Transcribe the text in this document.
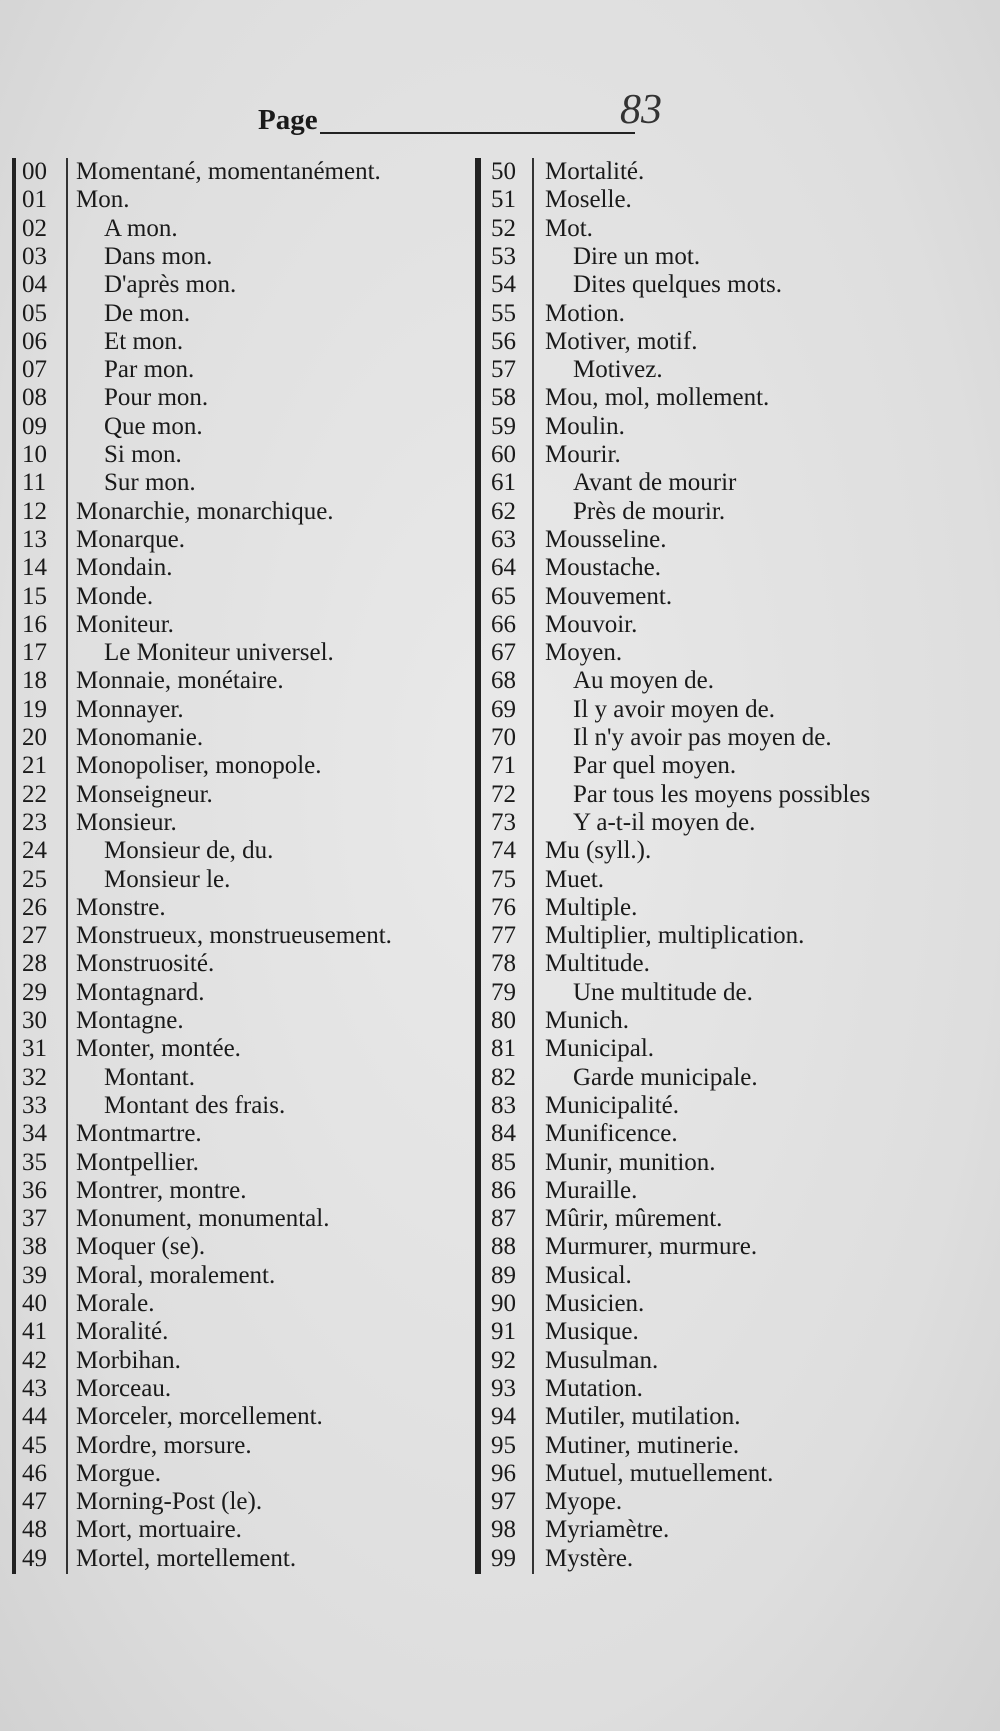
Page	83
00 Momentané, momentanément.
01 Mon.
02	A mon.
03	Dans mon.
04	D'après mon.
05	De mon.
06	Et mon.
07	Par mon.
08	Pour mon.
09	Que mon.
10	Si mon.
11	Sur mon.
12 Monarchie, monarchique.
13 Monarque.
14 Mondain.
15 Monde.
16 Moniteur.
17	Le Moniteur universel.
18 Monnaie, monétaire.
19 Monnayer.
20 Monomanie.
21 Monopoliser, monopole.
22 Monseigneur.
23 Monsieur.
24	Monsieur de, du.
25	Monsieur le.
26 Monstre.
27 Monstrueux, monstrueusement.
28 Monstruosité.
29 Montagnard.
30 Montagne.
31 Monter, montée.
32	Montant.
33	Montant des frais.
34 Montmartre.
35 Montpellier.
36 Montrer, montre.
37 Monument, monumental.
38 Moquer (se).
39 Moral, moralement.
40 Morale.
41 Moralité.
42 Morbihan.
43 Morceau.
44 Morceler, morcellement.
45 Mordre, morsure.
46 Morgue.
47 Morning-Post (le).
48 Mort, mortuaire.
49 Mortel, mortellement.
50 Mortalité.
51 Moselle.
52 Mot.
53	Dire un mot.
54	Dites quelques mots.
55 Motion.
56 Motiver, motif.
57	Motivez.
58 Mou, mol, mollement.
59 Moulin.
60 Mourir.
61	Avant de mourir
62	Près de mourir.
63 Mousseline.
64 Moustache.
65 Mouvement.
66 Mouvoir.
67 Moyen.
68	Au moyen de.
69	Il y avoir moyen de.
70	Il n'y avoir pas moyen de.
71	Par quel moyen.
72	Par tous les moyens possibles
73	Y a-t-il moyen de.
74 Mu (syll.).
75 Muet.
76 Multiple.
77 Multiplier, multiplication.
78 Multitude.
79	Une multitude de.
80 Munich.
81 Municipal.
82	Garde municipale.
83 Municipalité.
84 Munificence.
85 Munir, munition.
86 Muraille.
87 Mûrir, mûrement.
88 Murmurer, murmure.
89 Musical.
90 Musicien.
91 Musique.
92 Musulman.
93 Mutation.
94 Mutiler, mutilation.
95 Mutiner, mutinerie.
96 Mutuel, mutuellement.
97 Myope.
98 Myriamètre.
99 Mystère.
